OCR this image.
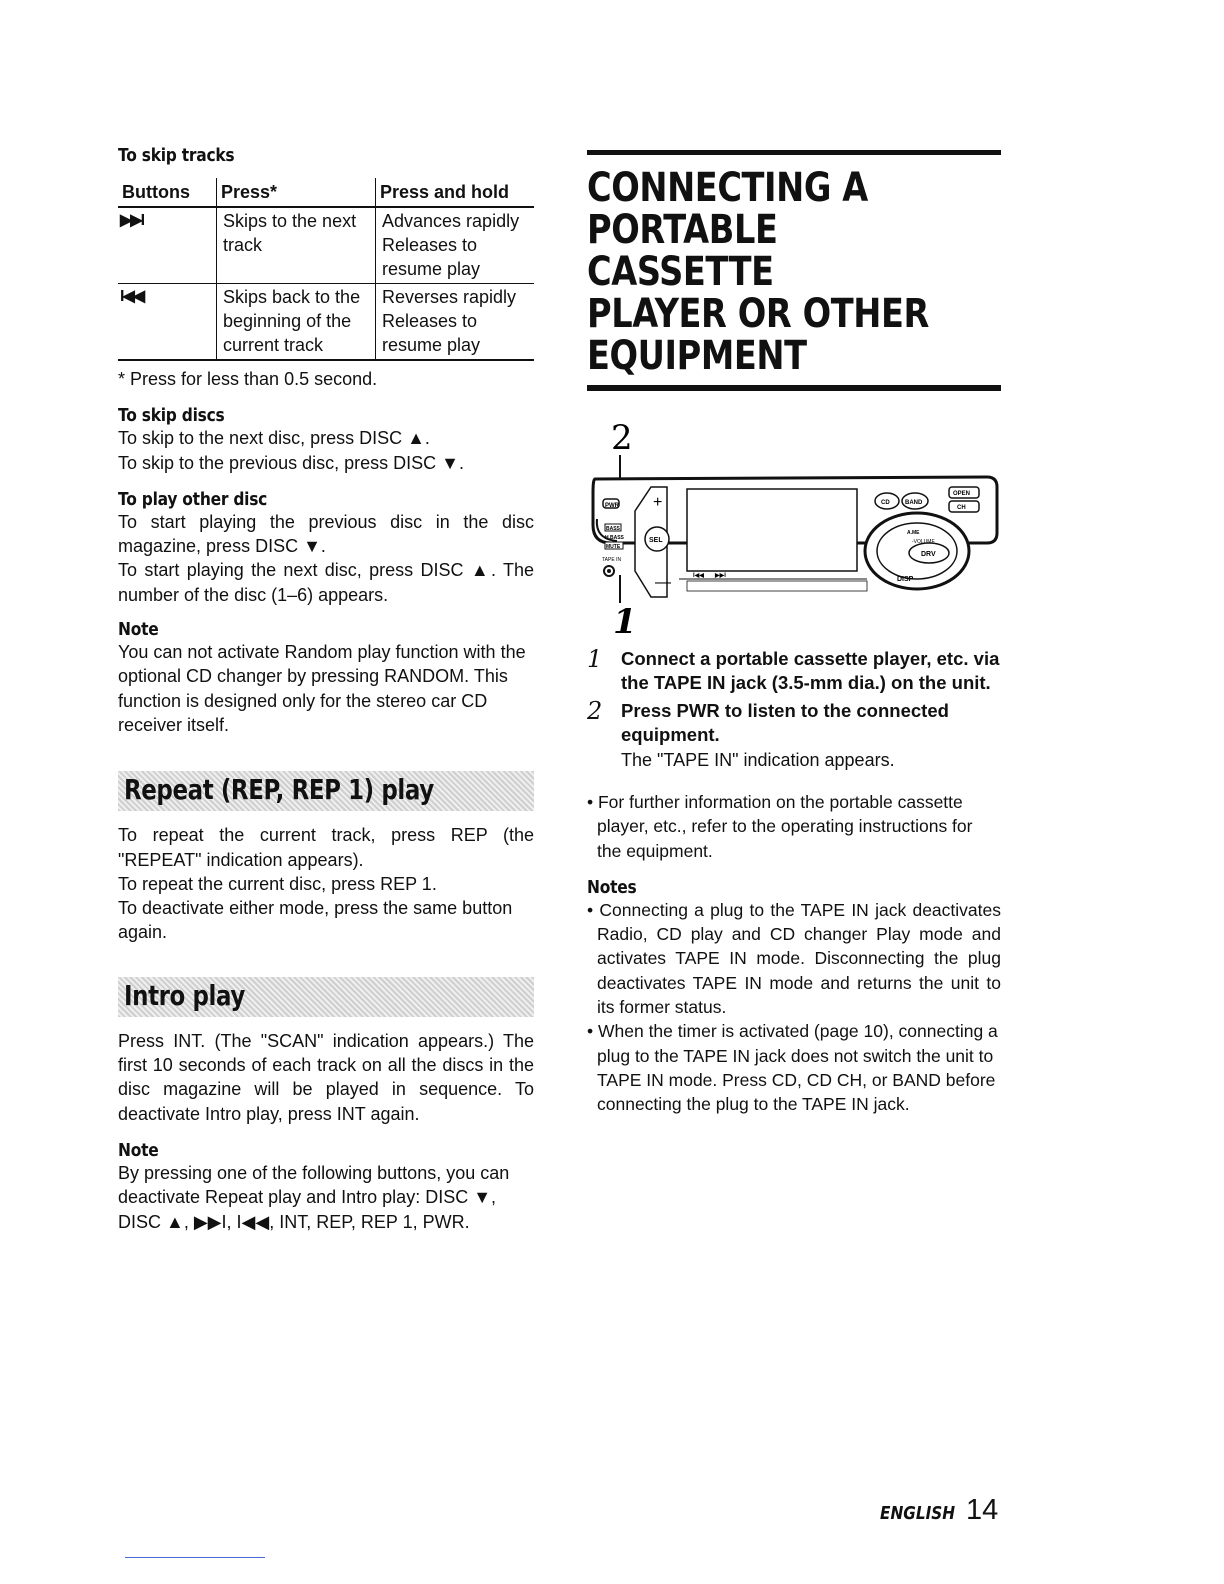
To skip tracks
Buttons	Press*	Press and hold
▶▶I	Skips to the next track	Advances rapidly Releases to resume play
I◀◀	Skips back to the beginning of the current track	Reverses rapidly Releases to resume play

* Press for less than 0.5 second.

To skip discs

To skip to the next disc, press DISC ▲.

To skip to the previous disc, press DISC ▼.

To play other disc

To start playing the previous disc in the disc magazine, press DISC ▼.

To start playing the next disc, press DISC ▲. The number of the disc (1–6) appears.

Note

You can not activate Random play function with the optional CD changer by pressing RANDOM. This function is designed only for the stereo car CD receiver itself.

Repeat (REP, REP 1) play

To repeat the current track, press REP (the "REPEAT" indication appears).

To repeat the current disc, press REP 1.

To deactivate either mode, press the same button again.

Intro play

Press INT. (The "SCAN" indication appears.) The first 10 seconds of each track on all the discs in the disc magazine will be played in sequence. To deactivate Intro play, press INT again.

Note

By pressing one of the following buttons, you can deactivate Repeat play and Intro play: DISC ▼, DISC ▲, ▶▶I, I◀◀, INT, REP, REP 1, PWR.

CONNECTING A
PORTABLE CASSETTE
PLAYER OR OTHER
EQUIPMENT
2
PWR
BASS
H.BASS
MUTE
TAPE IN
1
+
—
SEL
I◀◀ ▶▶I
DRV
A.ME
-VOLUME
DISP
CD	BAND
OPEN
CH
1 Connect a portable cassette player, etc. via the TAPE IN jack (3.5-mm dia.) on the unit.
2 Press PWR to listen to the connected equipment.
The "TAPE IN" indication appears.

• For further information on the portable cassette player, etc., refer to the operating instructions for the equipment.

Notes

• Connecting a plug to the TAPE IN jack deactivates Radio, CD play and CD changer Play mode and activates TAPE IN mode. Disconnecting the plug deactivates TAPE IN mode and returns the unit to its former status.

• When the timer is activated (page 10), connecting a plug to the TAPE IN jack does not switch the unit to TAPE IN mode. Press CD, CD CH, or BAND before connecting the plug to the TAPE IN jack.

ENGLISH 14
